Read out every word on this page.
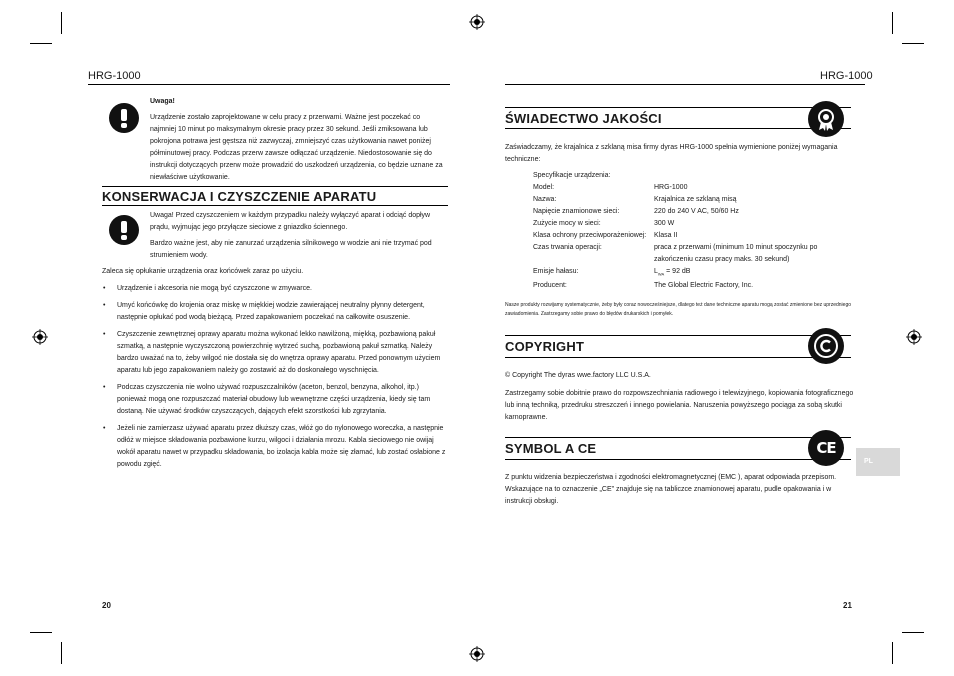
HRG-1000	HRG-1000
Uwaga!

Urządzenie zostało zaprojektowane w celu pracy z przerwami. Ważne jest poczekać co najmniej 10 minut po maksymalnym okresie pracy przez 30 sekund. Jeśli zmiksowana lub pokrojona potrawa jest gęstsza niż zazwyczaj, zmniejszyć czas użytkowania nawet poniżej półminutowej pracy. Podczas przerw zawsze odłączać urządzenie. Niedostosowanie się do instrukcji dotyczących przerw może prowadzić do uszkodzeń urządzenia, co będzie uznane za niewłaściwe użytkowanie.

KONSERWACJA I CZYSZCZENIE APARATU

Uwaga! Przed czyszczeniem w każdym przypadku należy wyłączyć aparat i odciąć dopływ prądu, wyjmując jego przyłącze sieciowe z gniazdko ściennego.

Bardzo ważne jest, aby nie zanurzać urządzenia silnikowego w wodzie ani nie trzymać pod strumieniem wody.

Zaleca się opłukanie urządzenia oraz końcówek zaraz po użyciu.

• Urządzenie i akcesoria nie mogą być czyszczone w zmywarce.
• Umyć końcówkę do krojenia oraz miskę w miękkiej wodzie zawierającej neutralny płynny detergent, następnie opłukać pod wodą bieżącą. Przed zapakowaniem poczekać na całkowite osuszenie.
• Czyszczenie zewnętrznej oprawy aparatu można wykonać lekko nawilżoną, miękką, pozbawioną pakuł szmatką, a następnie wyczyszczoną powierzchnię wytrzeć suchą, pozbawioną pakuł szmatką. Należy bardzo uważać na to, żeby wilgoć nie dostała się do wnętrza oprawy aparatu. Przed ponownym użyciem aparatu lub jego zapakowaniem należy go zostawić aż do doskonałego wyschnięcia.
• Podczas czyszczenia nie wolno używać rozpuszczalników (aceton, benzol, benzyna, alkohol, itp.) ponieważ mogą one rozpuszczać materiał obudowy lub wewnętrzne części urządzenia, kiedy się tam dostaną. Nie używać środków czyszczących, dających efekt szorstkości lub zgrzytania.
• Jeżeli nie zamierzasz używać aparatu przez dłuższy czas, włóż go do nylonowego woreczka, a następnie odłóż w miejsce składowania pozbawione kurzu, wilgoci i działania mrozu. Kabla sieciowego nie owijaj wokół aparatu nawet w przypadku składowania, bo izolacja kabla może się złamać, lub zostać osłabione z powodu zgięć.
20
ŚWIADECTWO JAKOŚCI

Zaświadczamy, że krajalnica z szklaną misa firmy dyras HRG-1000 spełnia wymienione poniżej wymagania techniczne:

Specyfikacje urządzenia:
Model:	HRG-1000
Nazwa:	Krajalnica ze szklaną misą
Napięcie znamionowe sieci:	220 do 240 V AC, 50/60 Hz
Zużycie mocy w sieci:	300 W
Klasa ochrony przeciwporażeniowej:	Klasa II
Czas trwania operacji:	praca z przerwami (minimum 10 minut spoczynku po zakończeniu czasu pracy maks. 30 sekund)
Emisje hałasu:	$L_{WA} = 92$ dB
Producent:	The Global Electric Factory, Inc.

Nasze produkty rozwijamy systematycznie, żeby były corаz nowocześniejsze, dlatego też dane techniczne aparatu mogą zostać zmienione bez uprzedniego zawiadomienia. Zastrzegamy sobie prawo do błędów drukarskich i pomyłek.

COPYRIGHT

© Copyright The dyras wwe.factory LLC U.S.A.

Zastrzegamy sobie dobitnie prawo do rozpowszechniania radiowego i telewizyjnego, kopiowania fotograficznego lub inną techniką, przedruku streszczeń i innego powielania. Naruszenia powyższego pociąga za sobą skutki karnoprawne.

SYMBOL A CE	CE

Z punktu widzenia bezpieczeństwa i zgodności elektromagnetycznej (EMC ), aparat odpowiada przepisom. Wskazujące na to oznaczenie „CE" znajduje się na tabliczce znamionowej aparatu, pudle opakowania i w instrukcji obsługi.

PL
21
